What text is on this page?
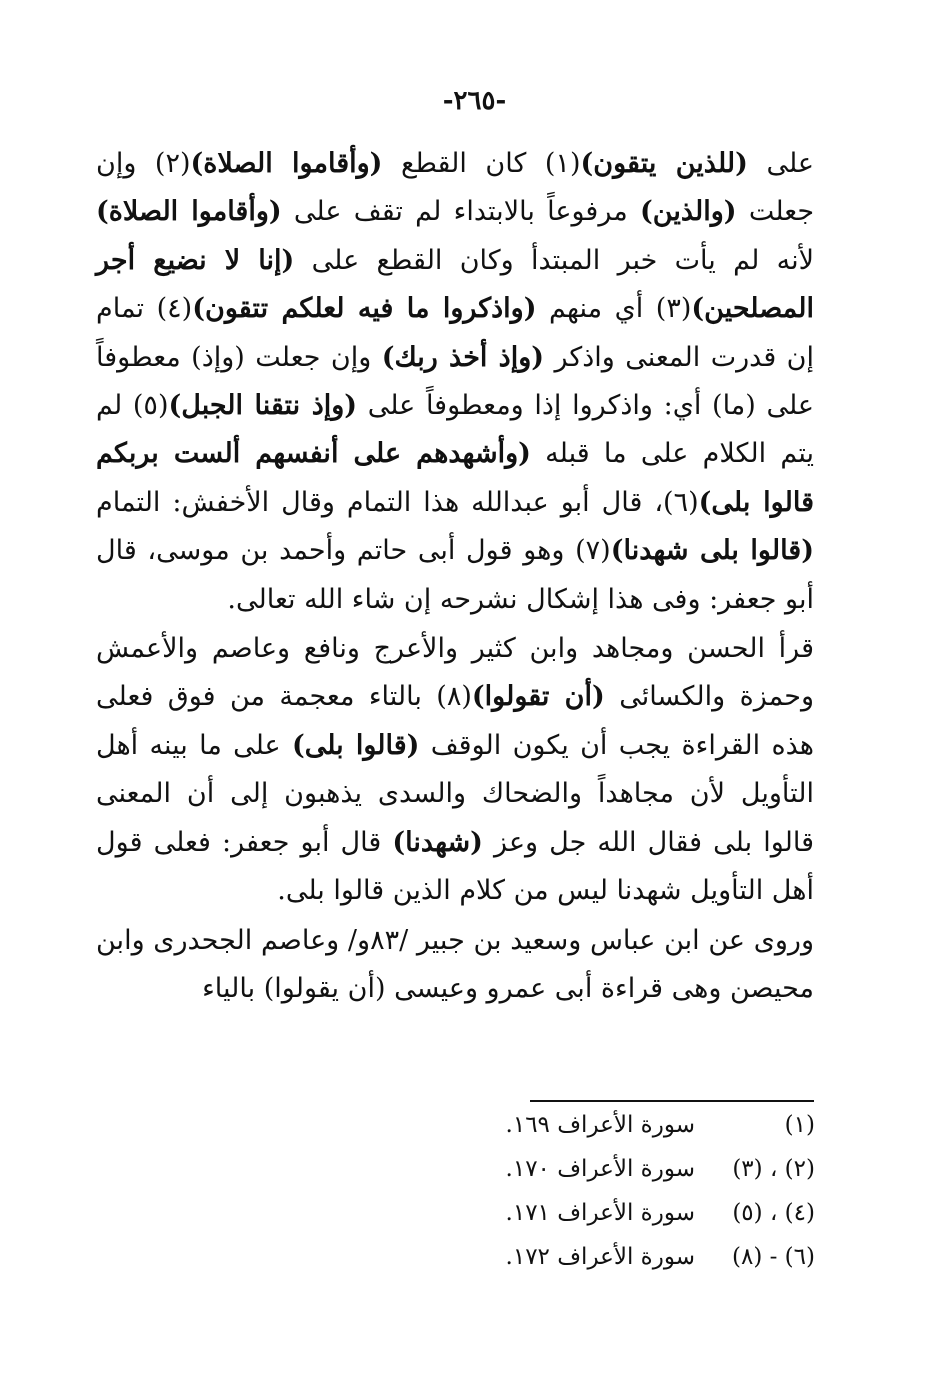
-٢٦٥-

على (للذين يتقون)(١) كان القطع (وأقاموا الصلاة)(٢) وإن جعلت (والذين) مرفوعاً بالابتداء لم تقف على (وأقاموا الصلاة) لأنه لم يأت خبر المبتدأ وكان القطع على (إنا لا نضيع أجر المصلحين)(٣) أي منهم (واذكروا ما فيه لعلكم تتقون)(٤) تمام إن قدرت المعنى واذكر (وإذ أخذ ربك) وإن جعلت (وإذ) معطوفاً على (ما) أي: واذكروا إذا ومعطوفاً على (وإذ نتقنا الجبل)(٥) لم يتم الكلام على ما قبله (وأشهدهم على أنفسهم ألست بربكم قالوا بلى)(٦)، قال أبو عبدالله هذا التمام وقال الأخفش: التمام (قالوا بلى شهدنا)(٧) وهو قول أبى حاتم وأحمد بن موسى، قال أبو جعفر: وفى هذا إشكال نشرحه إن شاء الله تعالى.

قرأ الحسن ومجاهد وابن كثير والأعرج ونافع وعاصم والأعمش وحمزة والكسائى (أن تقولوا)(٨) بالتاء معجمة من فوق فعلى هذه القراءة يجب أن يكون الوقف (قالوا بلى) على ما بينه أهل التأويل لأن مجاهداً والضحاك والسدى يذهبون إلى أن المعنى قالوا بلى فقال الله جل وعز (شهدنا) قال أبو جعفر: فعلى قول أهل التأويل شهدنا ليس من كلام الذين قالوا بلى.

وروى عن ابن عباس وسعيد بن جبير /٨٣و/ وعاصم الجحدرى وابن محيصن وهى قراءة أبى عمرو وعيسى (أن يقولوا) بالياء

(١)
سورة الأعراف ١٦٩.
(٢) ، (٣)
سورة الأعراف ١٧٠.
(٤) ، (٥)
سورة الأعراف ١٧١.
(٦) - (٨)
سورة الأعراف ١٧٢.
